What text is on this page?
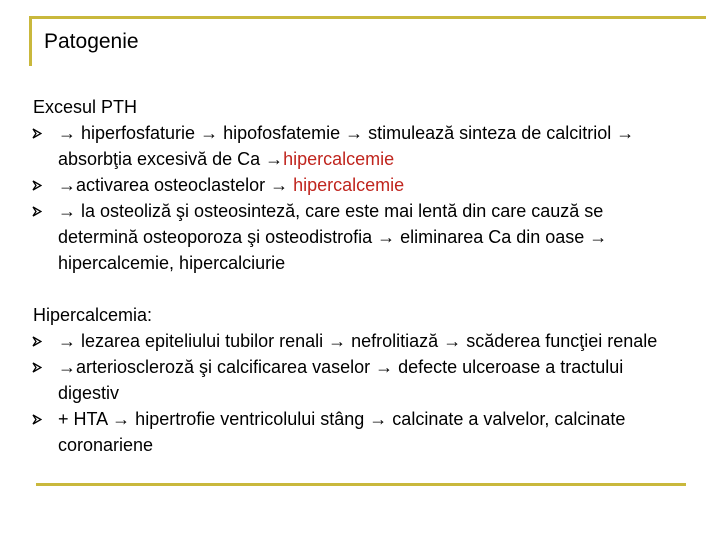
Patogenie
Excesul PTH
→ hiperfosfaturie → hipofosfatemie → stimulează sinteza de calcitriol → absorbţia excesivă de Ca →hipercalcemie
→activarea osteoclastelor → hipercalcemie
→ la osteoliză şi osteosinteză, care este mai lentă din care cauză se determină osteoporoza şi osteodistrofia → eliminarea Ca din oase → hipercalcemie, hipercalciurie
Hipercalcemia:
→ lezarea epiteliului tubilor renali → nefrolitiază → scăderea funcţiei renale
→arterioscleroză şi calcificarea vaselor → defecte ulceroase a tractului digestiv
+ HTA → hipertrofie ventricolului stâng → calcinate a valvelor, calcinate coronariene
